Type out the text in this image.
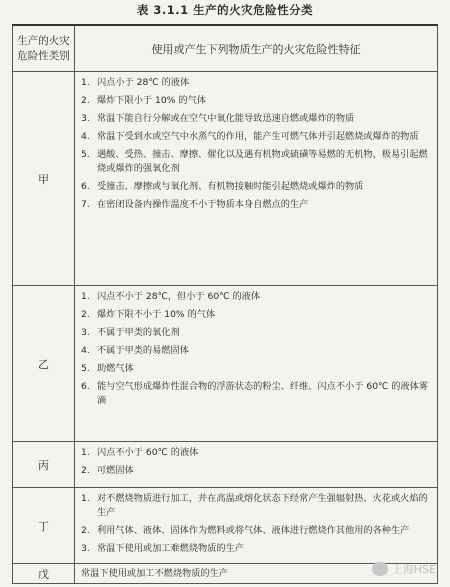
表 3.1.1 生产的火灾危险性分类
生产的火灾危险性类别	使用或产生下列物质生产的火灾危险性特征
甲
1. 闪点小于 28℃ 的液体
2. 爆炸下限小于 10% 的气体
3. 常温下能自行分解或在空气中氧化能导致迅速自燃或爆炸的物质
4. 常温下受到水或空气中水蒸气的作用，能产生可燃气体并引起燃烧或爆炸的物质
5. 遇酸、受热、撞击、摩擦、催化以及遇有机物或硫磺等易燃的无机物，极易引起燃烧或爆炸的强氧化剂
6. 受撞击、摩擦或与氧化剂、有机物接触时能引起燃烧或爆炸的物质
7. 在密闭设备内操作温度不小于物质本身自燃点的生产
乙
1. 闪点不小于 28℃，但小于 60℃ 的液体
2. 爆炸下限不小于 10% 的气体
3. 不属于甲类的氧化剂
4. 不属于甲类的易燃固体
5. 助燃气体
6. 能与空气形成爆炸性混合物的浮游状态的粉尘、纤维、闪点不小于 60℃ 的液体雾滴
丙
1. 闪点不小于 60℃ 的液体
2. 可燃固体
丁
1. 对不燃烧物质进行加工，并在高温或熔化状态下经常产生强辐射热、火花或火焰的生产
2. 利用气体、液体、固体作为燃料或将气体、液体进行燃烧作其他用的各种生产
3. 常温下使用或加工难燃烧物质的生产
戊	常温下使用或加工不燃烧物质的生产	上海HSE
